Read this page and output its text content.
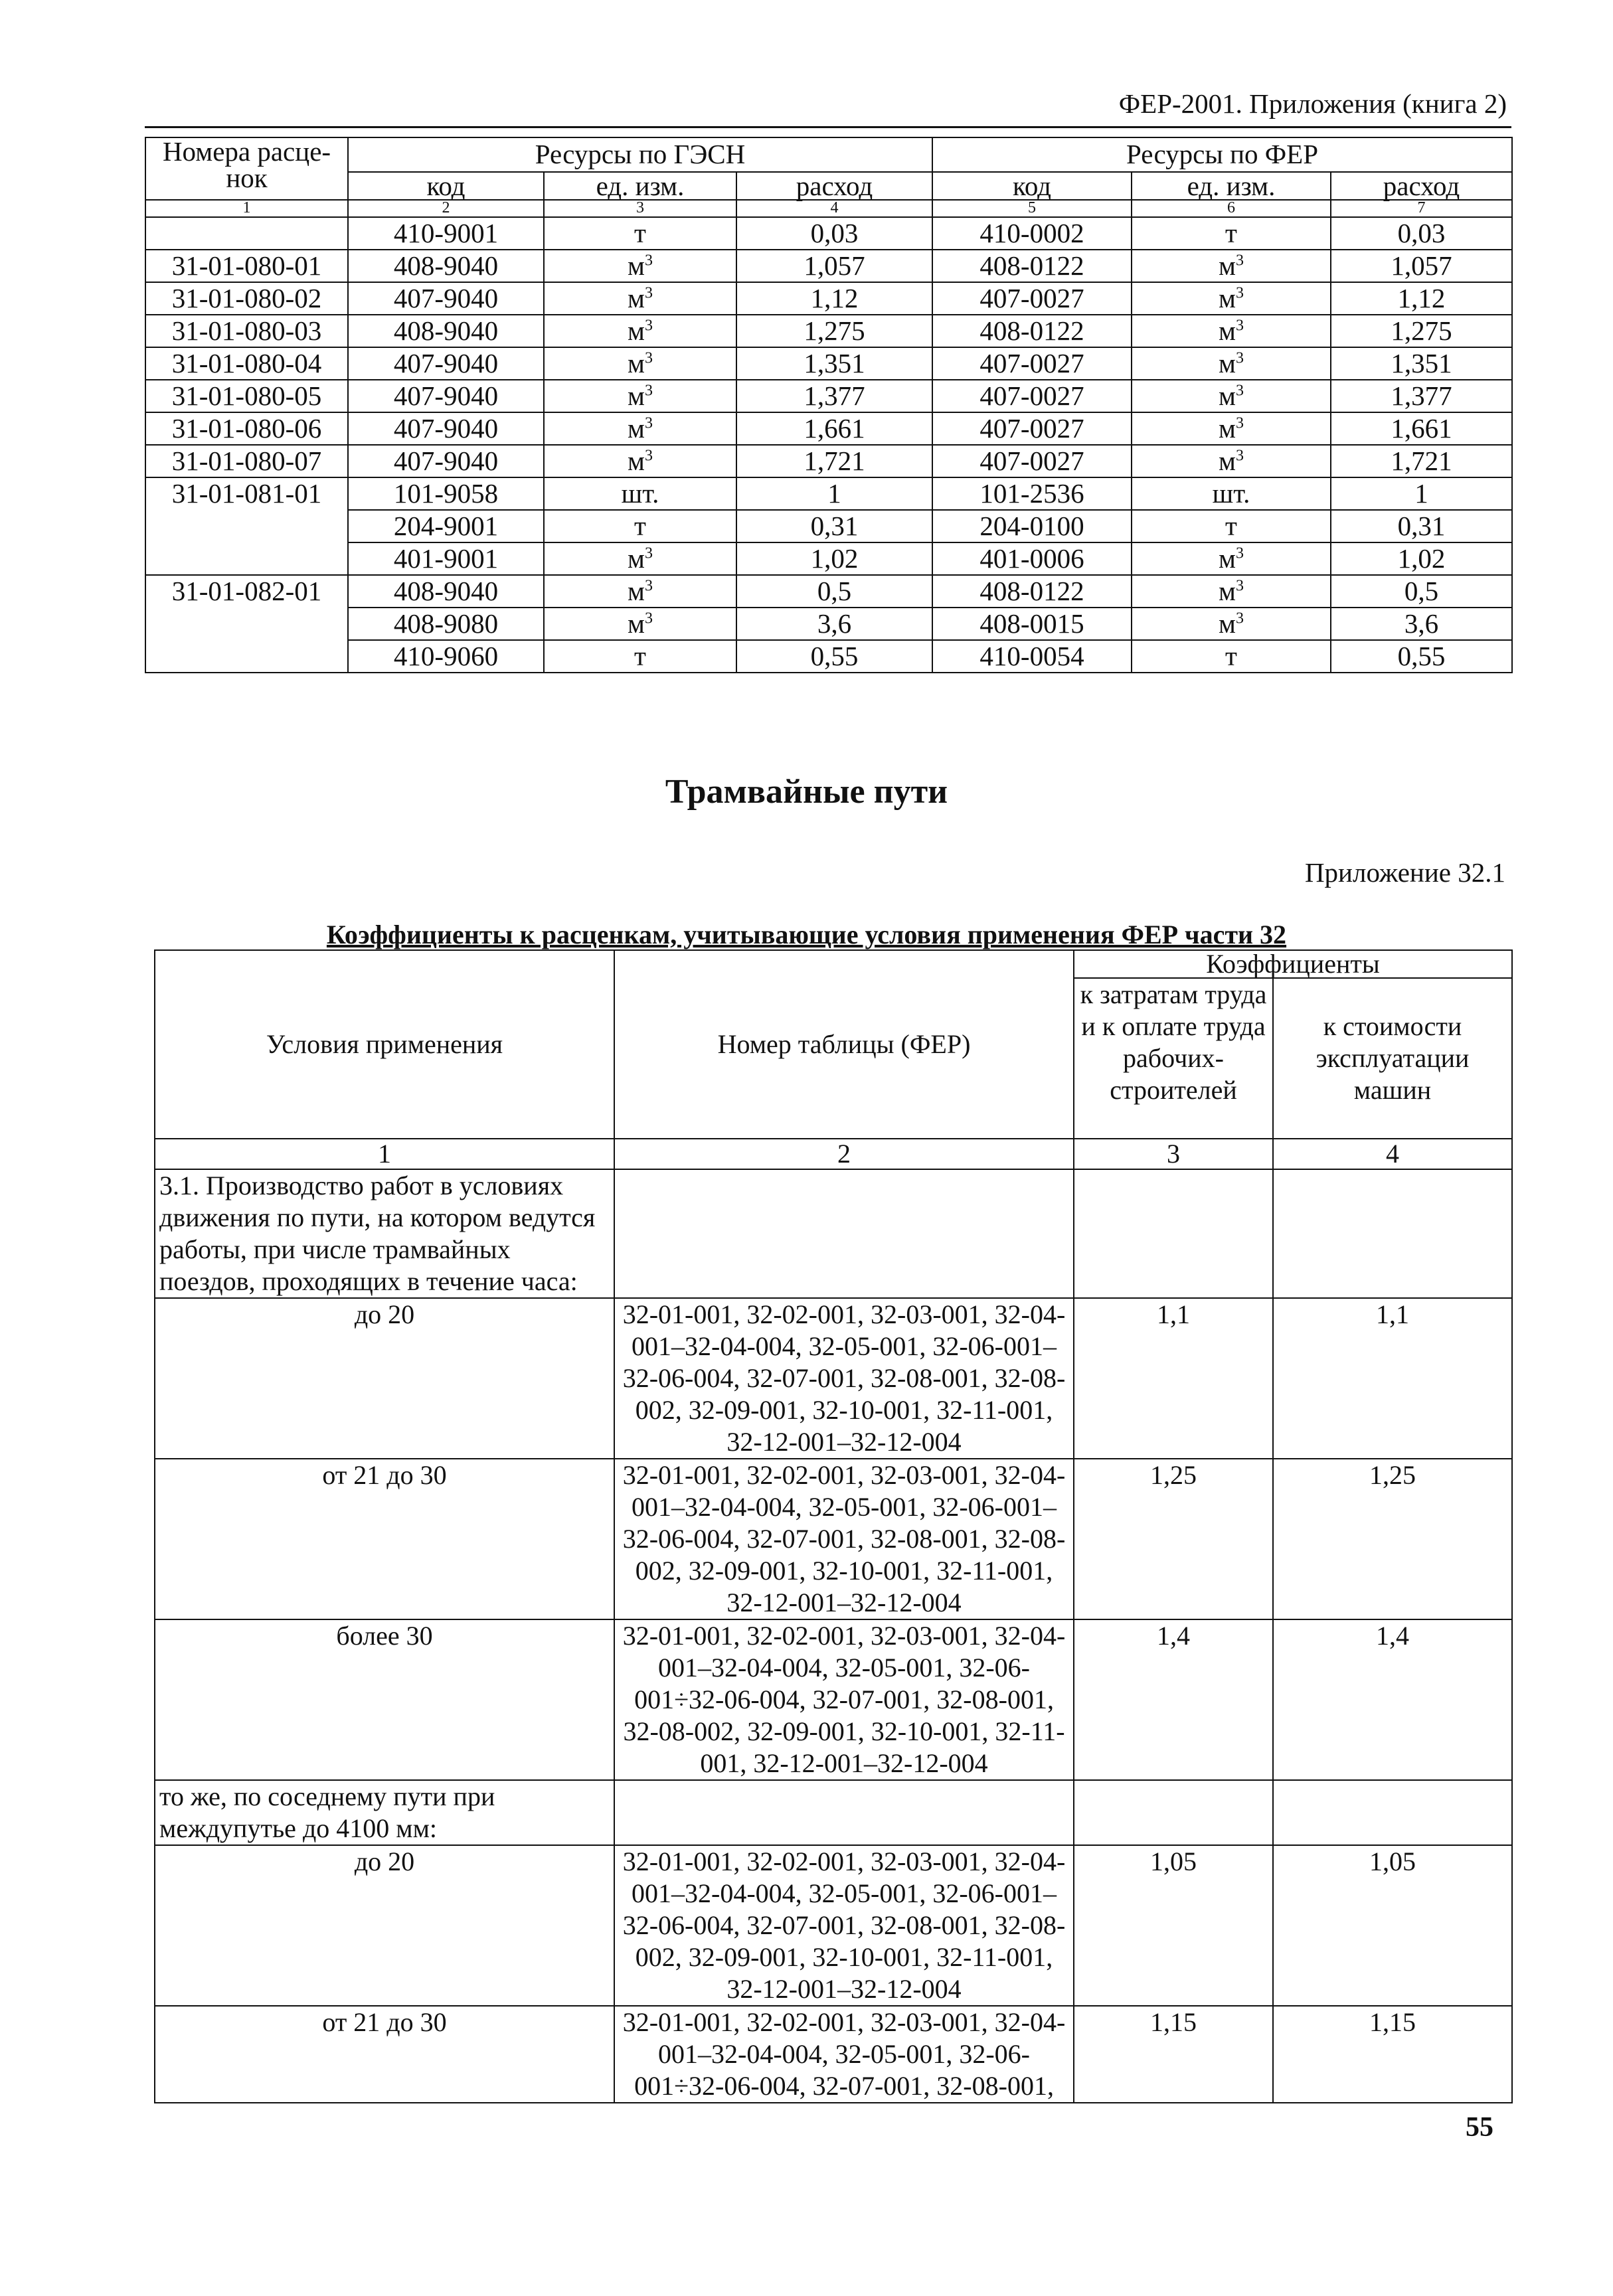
ФЕР-2001. Приложения (книга 2)
Номера расце-нок	Ресурсы по ГЭСН			Ресурсы по ФЕР		
	код	ед. изм.	расход	код	ед. изм.	расход
1	2	3	4	5	6	7
	410-9001	т	0,03	410-0002	т	0,03
31-01-080-01	408-9040	$м^3$	1,057	408-0122	$м^3$	1,057
31-01-080-02	407-9040	$м^3$	1,12	407-0027	$м^3$	1,12
31-01-080-03	408-9040	$м^3$	1,275	408-0122	$м^3$	1,275
31-01-080-04	407-9040	$м^3$	1,351	407-0027	$м^3$	1,351
31-01-080-05	407-9040	$м^3$	1,377	407-0027	$м^3$	1,377
31-01-080-06	407-9040	$м^3$	1,661	407-0027	$м^3$	1,661
31-01-080-07	407-9040	$м^3$	1,721	407-0027	$м^3$	1,721
31-01-081-01	101-9058	шт.	1	101-2536	шт.	1
	204-9001	т	0,31	204-0100	т	0,31
	401-9001	$м^3$	1,02	401-0006	$м^3$	1,02
31-01-082-01	408-9040	$м^3$	0,5	408-0122	$м^3$	0,5
	408-9080	$м^3$	3,6	408-0015	$м^3$	3,6
	410-9060	т	0,55	410-0054	т	0,55
Трамвайные пути
Приложение 32.1
Коэффициенты к расценкам, учитывающие условия применения ФЕР части 32
Условия применения	Номер таблицы (ФЕР)	Коэффициенты	
		к затратам труда и к оплате труда рабочих-строителей	к стоимости эксплуатации машин
1	2	3	4
3.1. Производство работ в условиях движения по пути, на котором ведутся работы, при числе трамвайных поездов, проходящих в течение часа:			
до 20	32-01-001, 32-02-001, 32-03-001, 32-04-001–32-04-004, 32-05-001, 32-06-001–32-06-004, 32-07-001, 32-08-001, 32-08-002, 32-09-001, 32-10-001, 32-11-001, 32-12-001–32-12-004	1,1	1,1
от 21 до 30	32-01-001, 32-02-001, 32-03-001, 32-04-001–32-04-004, 32-05-001, 32-06-001–32-06-004, 32-07-001, 32-08-001, 32-08-002, 32-09-001, 32-10-001, 32-11-001, 32-12-001–32-12-004	1,25	1,25
более 30	32-01-001, 32-02-001, 32-03-001, 32-04-001–32-04-004, 32-05-001, 32-06-001÷32-06-004, 32-07-001, 32-08-001, 32-08-002, 32-09-001, 32-10-001, 32-11-001, 32-12-001–32-12-004	1,4	1,4
то же, по соседнему пути при междупутье до 4100 мм:			
до 20	32-01-001, 32-02-001, 32-03-001, 32-04-001–32-04-004, 32-05-001, 32-06-001–32-06-004, 32-07-001, 32-08-001, 32-08-002, 32-09-001, 32-10-001, 32-11-001, 32-12-001–32-12-004	1,05	1,05
от 21 до 30	32-01-001, 32-02-001, 32-03-001, 32-04-001–32-04-004, 32-05-001, 32-06-001÷32-06-004, 32-07-001, 32-08-001,	1,15	1,15
55
